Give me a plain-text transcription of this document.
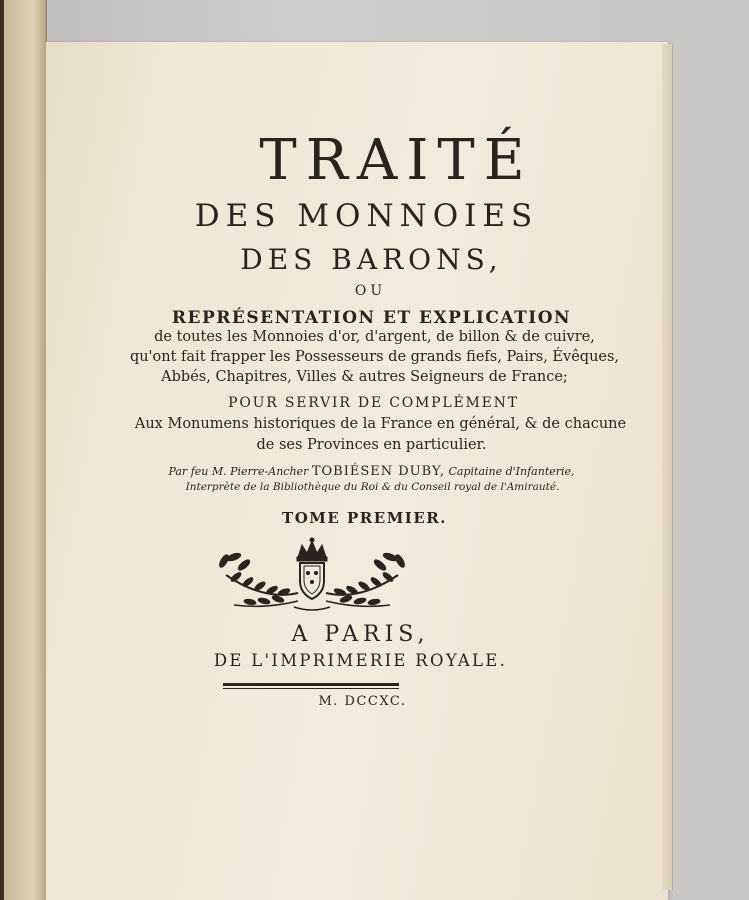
TRAITÉ
DES MONNOIES
DES BARONS,
OU
REPRÉSENTATION ET EXPLICATION
de toutes les Monnoies d'or, d'argent, de billon & de cuivre,
qu'ont fait frapper les Possesseurs de grands fiefs, Pairs, Évêques,
Abbés, Chapitres, Villes & autres Seigneurs de France;
POUR SERVIR DE COMPLÉMENT
Aux Monumens historiques de la France en général, & de chacune
de ses Provinces en particulier.
Par feu M. Pierre-Ancher TOBIÉSEN DUBY, Capitaine d'Infanterie,
Interprète de la Bibliothèque du Roi & du Conseil royal de l'Amirauté.
TOME PREMIER.
A PARIS,
DE L'IMPRIMERIE ROYALE.
M. DCCXC.
